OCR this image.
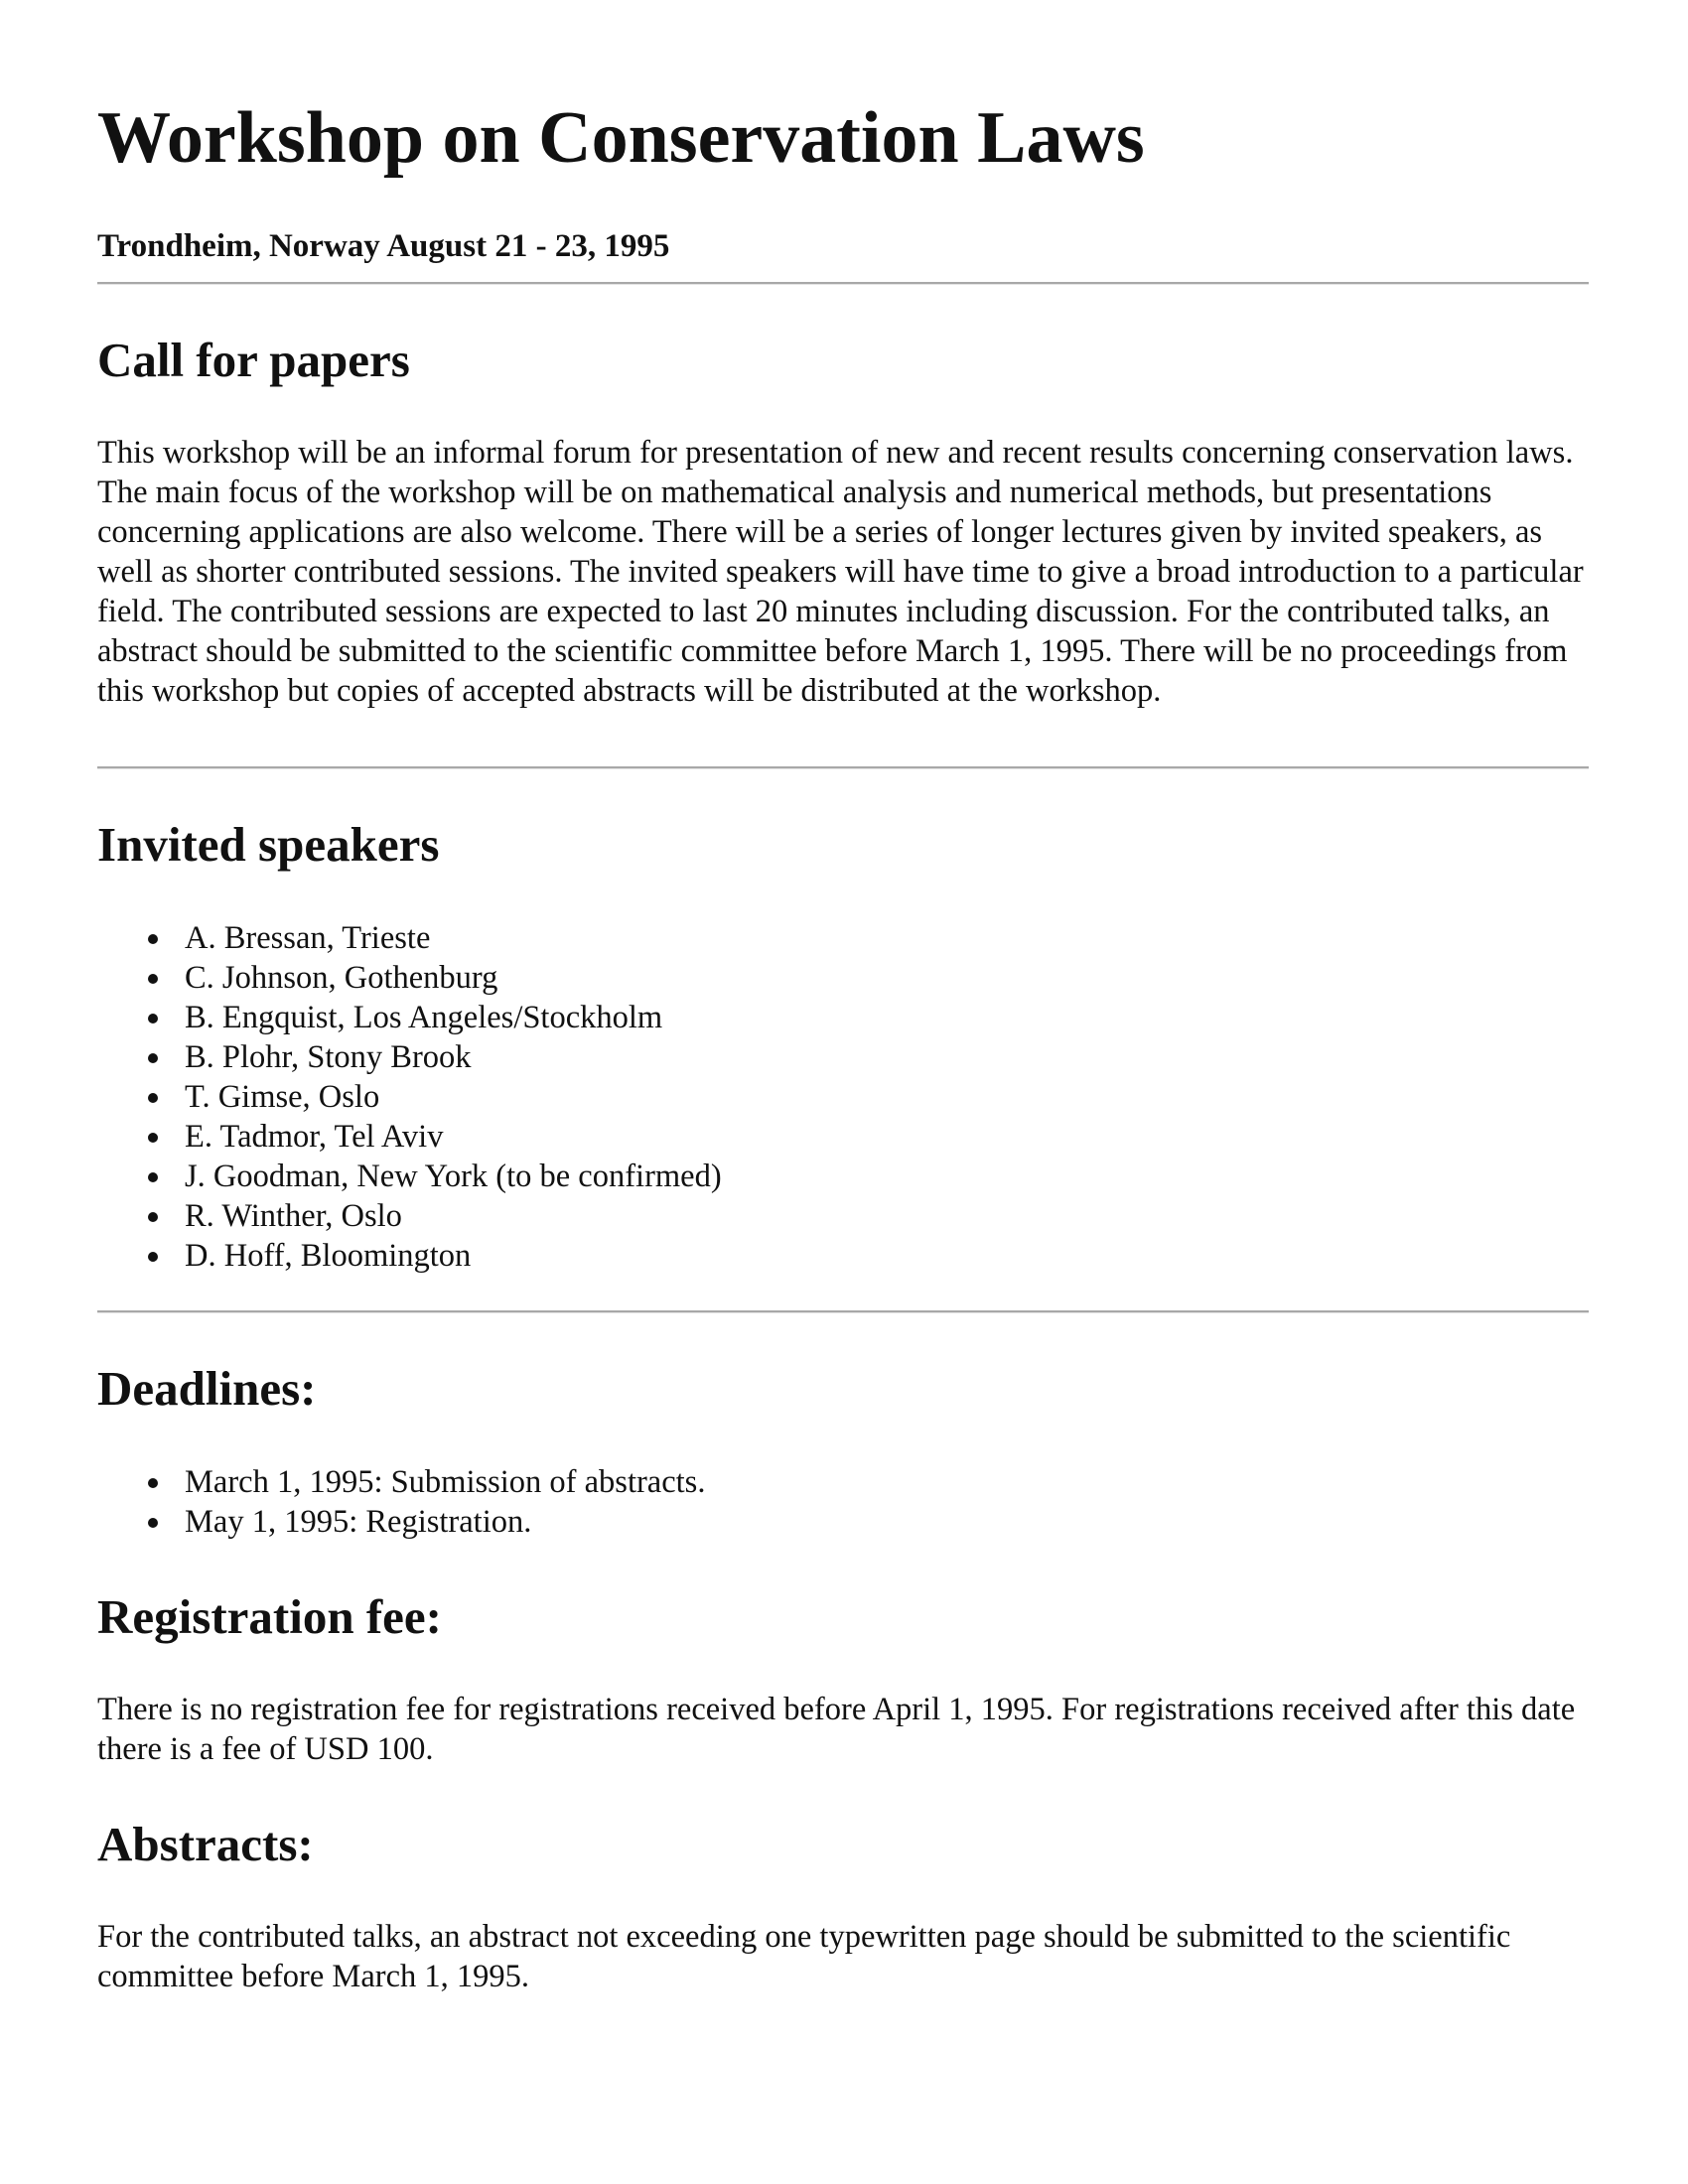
Workshop on Conservation Laws
Trondheim, Norway August 21 - 23, 1995
Call for papers

This workshop will be an informal forum for presentation of new and recent results concerning conservation laws. The main focus of the workshop will be on mathematical analysis and numerical methods, but presentations concerning applications are also welcome. There will be a series of longer lectures given by invited speakers, as well as shorter contributed sessions. The invited speakers will have time to give a broad introduction to a particular field. The contributed sessions are expected to last 20 minutes including discussion. For the contributed talks, an abstract should be submitted to the scientific committee before March 1, 1995. There will be no proceedings from this workshop but copies of accepted abstracts will be distributed at the workshop.

Invited speakers
A. Bressan, Trieste
C. Johnson, Gothenburg
B. Engquist, Los Angeles/Stockholm
B. Plohr, Stony Brook
T. Gimse, Oslo
E. Tadmor, Tel Aviv
J. Goodman, New York (to be confirmed)
R. Winther, Oslo
D. Hoff, Bloomington
Deadlines:
March 1, 1995: Submission of abstracts.
May 1, 1995: Registration.
Registration fee:

There is no registration fee for registrations received before April 1, 1995. For registrations received after this date there is a fee of USD 100.

Abstracts:

For the contributed talks, an abstract not exceeding one typewritten page should be submitted to the scientific committee before March 1, 1995.
